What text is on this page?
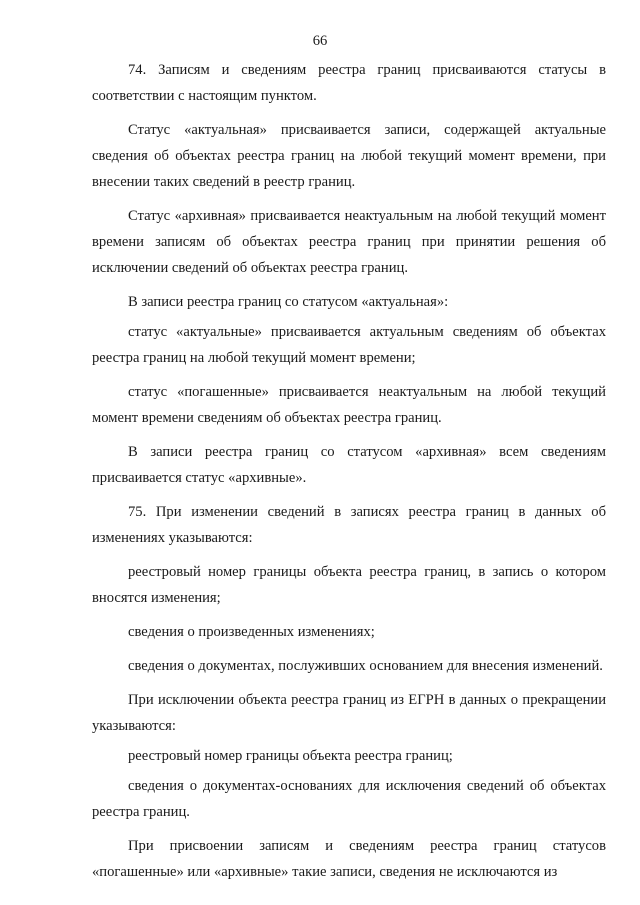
66

74. Записям и сведениям реестра границ присваиваются статусы в соответствии с настоящим пунктом.

Статус «актуальная» присваивается записи, содержащей актуальные сведения об объектах реестра границ на любой текущий момент времени, при внесении таких сведений в реестр границ.

Статус «архивная» присваивается неактуальным на любой текущий момент времени записям об объектах реестра границ при принятии решения об исключении сведений об объектах реестра границ.

В записи реестра границ со статусом «актуальная»:

статус «актуальные» присваивается актуальным сведениям об объектах реестра границ на любой текущий момент времени;

статус «погашенные» присваивается неактуальным на любой текущий момент времени сведениям об объектах реестра границ.

В записи реестра границ со статусом «архивная» всем сведениям присваивается статус «архивные».

75. При изменении сведений в записях реестра границ в данных об изменениях указываются:

реестровый номер границы объекта реестра границ, в запись о котором вносятся изменения;

сведения о произведенных изменениях;

сведения о документах, послуживших основанием для внесения изменений.

При исключении объекта реестра границ из ЕГРН в данных о прекращении указываются:

реестровый номер границы объекта реестра границ;

сведения о документах-основаниях для исключения сведений об объектах реестра границ.

При присвоении записям и сведениям реестра границ статусов «погашенные» или «архивные» такие записи, сведения не исключаются из
